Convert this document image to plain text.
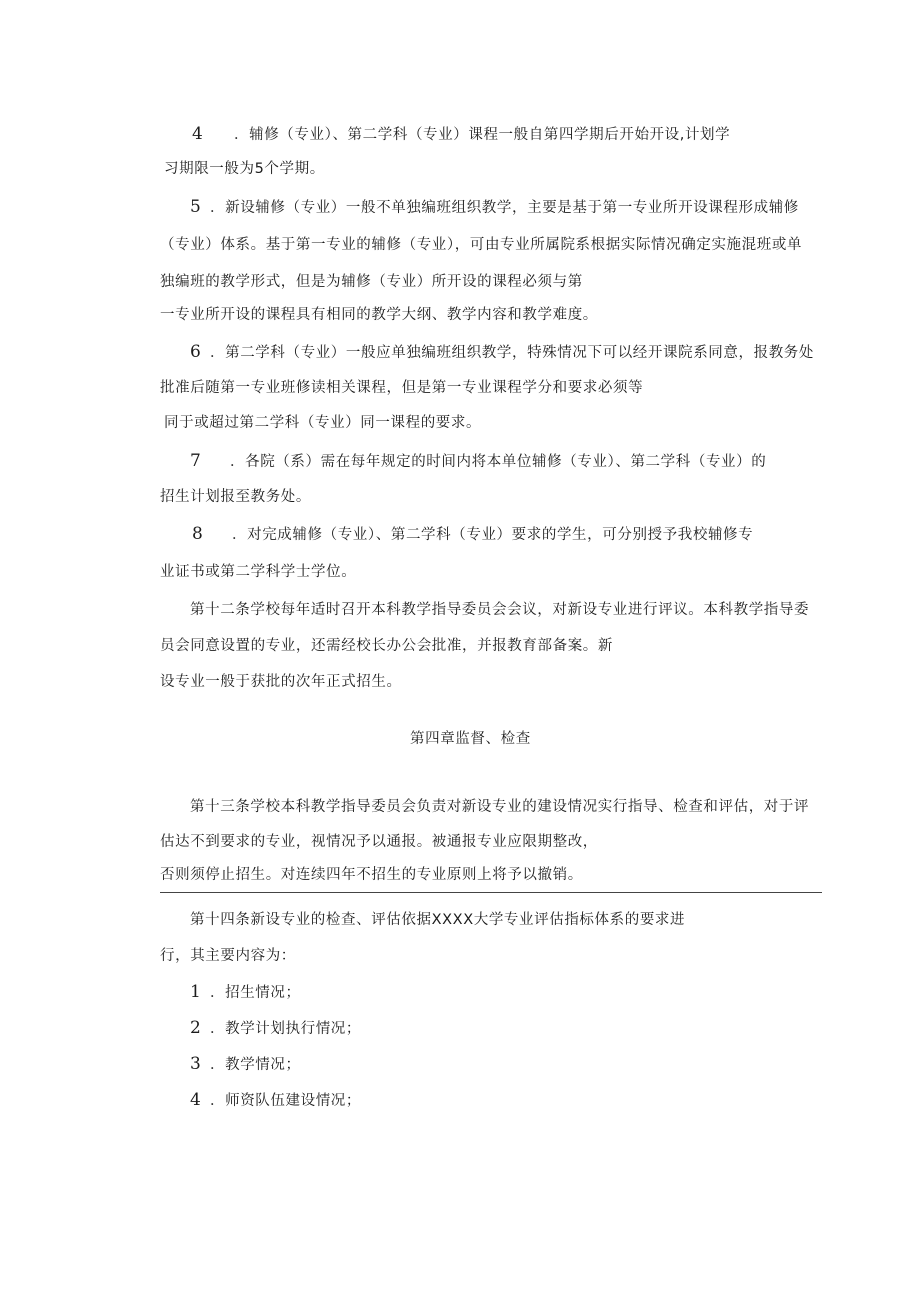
4 ．辅修（专业）、第二学科（专业）课程一般自第四学期后开始开设,计划学
习期限一般为5个学期。
5 ．新设辅修（专业）一般不单独编班组织教学，主要是基于第一专业所开设课程形成辅修
（专业）体系。基于第一专业的辅修（专业），可由专业所属院系根据实际情况确定实施混班或单
独编班的教学形式，但是为辅修（专业）所开设的课程必须与第
一专业所开设的课程具有相同的教学大纲、教学内容和教学难度。
6 ．第二学科（专业）一般应单独编班组织教学，特殊情况下可以经开课院系同意，报教务处
批准后随第一专业班修读相关课程，但是第一专业课程学分和要求必须等
同于或超过第二学科（专业）同一课程的要求。
7 ．各院（系）需在每年规定的时间内将本单位辅修（专业）、第二学科（专业）的
招生计划报至教务处。
8 ．对完成辅修（专业）、第二学科（专业）要求的学生，可分别授予我校辅修专
业证书或第二学科学士学位。
第十二条学校每年适时召开本科教学指导委员会会议，对新设专业进行评议。本科教学指导委
员会同意设置的专业，还需经校长办公会批准，并报教育部备案。新
设专业一般于获批的次年正式招生。
第四章监督、检查
第十三条学校本科教学指导委员会负责对新设专业的建设情况实行指导、检查和评估，对于评
估达不到要求的专业，视情况予以通报。被通报专业应限期整改，
否则须停止招生。对连续四年不招生的专业原则上将予以撤销。
第十四条新设专业的检查、评估依据XXXX大学专业评估指标体系的要求进
行，其主要内容为：
1 ．招生情况；
2 ．教学计划执行情况；
3 ．教学情况；
4 ．师资队伍建设情况；
